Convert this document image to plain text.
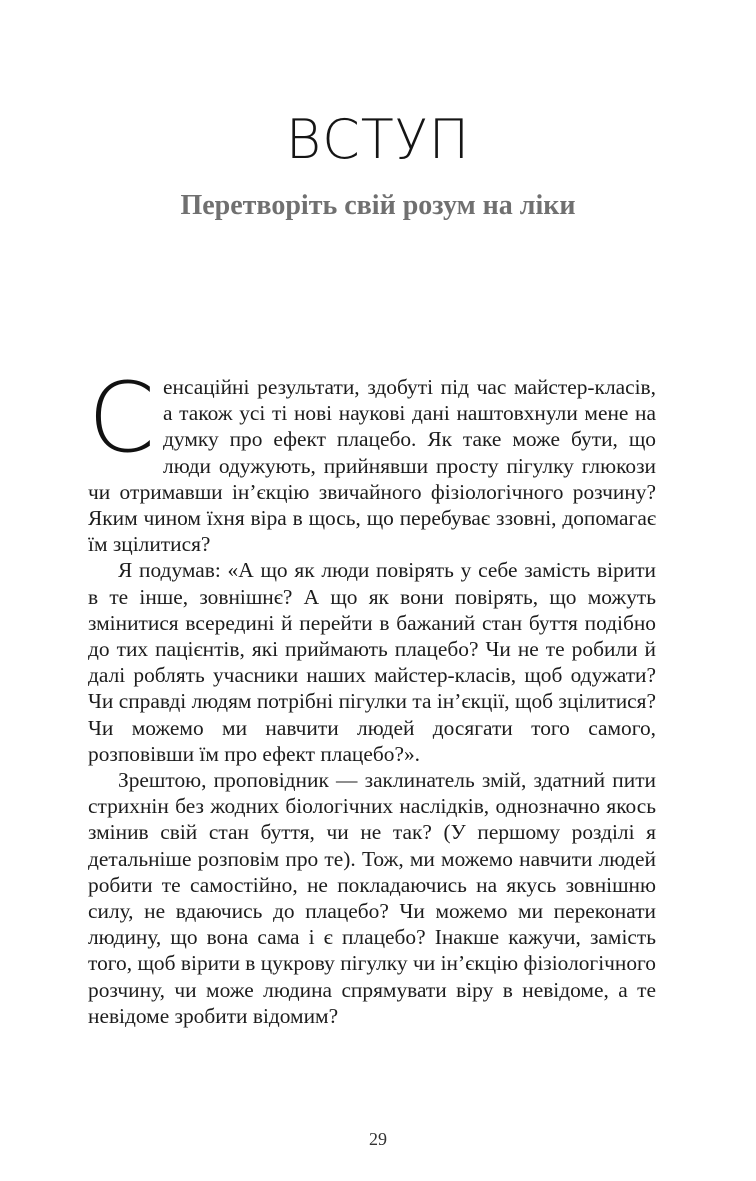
ВСТУП
Перетворіть свій розум на ліки

Сенсаційні результати, здобуті під час майстер-класів, а також усі ті нові наукові дані наштовхнули мене на думку про ефект плацебо. Як таке може бути, що люди одужують, прийнявши просту пігулку глюкози чи отримавши ін’єкцію звичайного фізіологічного розчину? Яким чином їхня віра в щось, що перебуває ззовні, допомагає їм зцілитися?

Я подумав: «А що як люди повірять у себе замість вірити в те інше, зовнішнє? А що як вони повірять, що можуть змінитися всередині й перейти в бажаний стан буття подібно до тих пацієнтів, які приймають плацебо? Чи не те робили й далі роблять учасники наших майстер-класів, щоб одужати? Чи справді людям потрібні пігулки та ін’єкції, щоб зцілитися? Чи можемо ми навчити людей досягати того самого, розповівши їм про ефект плацебо?».

Зрештою, проповідник — заклинатель змій, здатний пити стрихнін без жодних біологічних наслідків, однозначно якось змінив свій стан буття, чи не так? (У першому розділі я детальніше розповім про те). Тож, ми можемо навчити людей робити те самостійно, не покладаючись на якусь зовнішню силу, не вдаючись до плацебо? Чи можемо ми переконати людину, що вона сама і є плацебо? Інакше кажучи, замість того, щоб вірити в цукрову пігулку чи ін’єкцію фізіологічного розчину, чи може людина спрямувати віру в невідоме, а те невідоме зробити відомим?

29
